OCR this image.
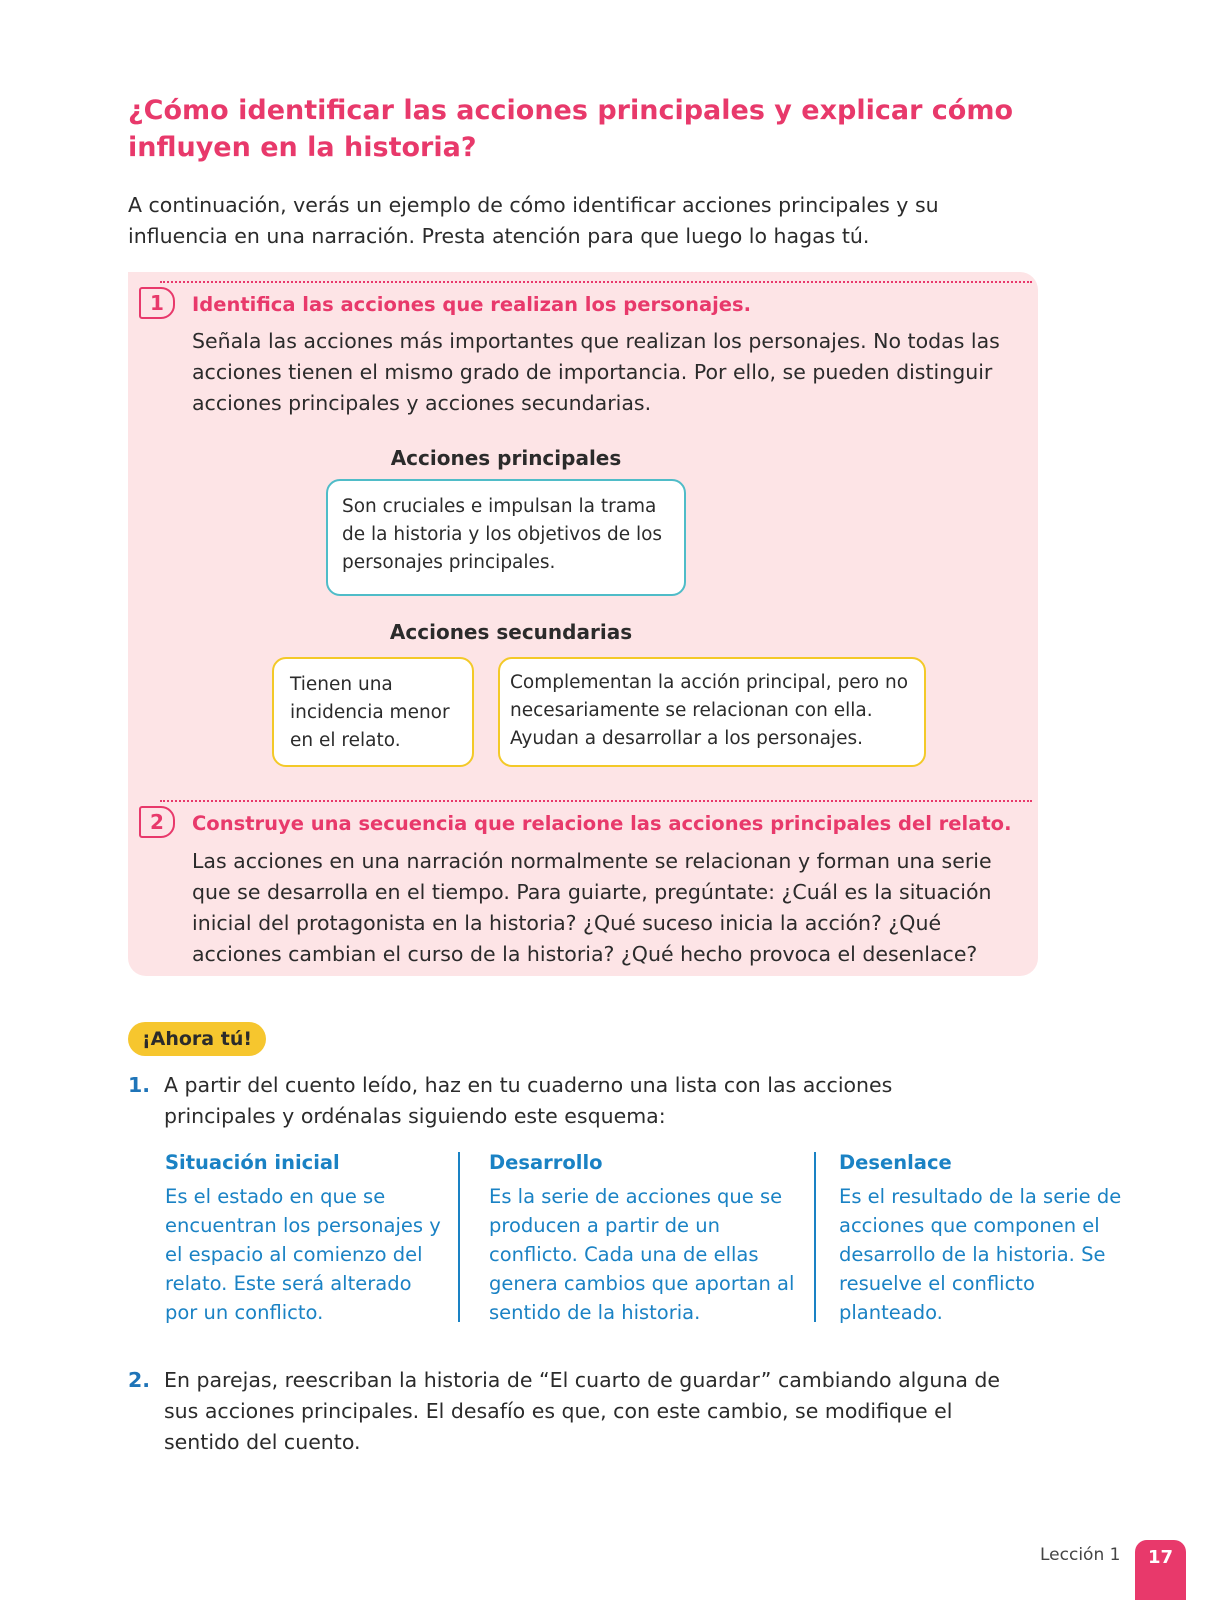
¿Cómo identificar las acciones principales y explicar cómo influyen en la historia?
A continuación, verás un ejemplo de cómo identificar acciones principales y su influencia en una narración. Presta atención para que luego lo hagas tú.
1	Identifica las acciones que realizan los personajes.
Señala las acciones más importantes que realizan los personajes. No todas las acciones tienen el mismo grado de importancia. Por ello, se pueden distinguir acciones principales y acciones secundarias.
Acciones principales
Son cruciales e impulsan la trama de la historia y los objetivos de los personajes principales.
Acciones secundarias
Tienen una incidencia menor en el relato.
Complementan la acción principal, pero no necesariamente se relacionan con ella. Ayudan a desarrollar a los personajes.
2	Construye una secuencia que relacione las acciones principales del relato.
Las acciones en una narración normalmente se relacionan y forman una serie que se desarrolla en el tiempo. Para guiarte, pregúntate: ¿Cuál es la situación inicial del protagonista en la historia? ¿Qué suceso inicia la acción? ¿Qué acciones cambian el curso de la historia? ¿Qué hecho provoca el desenlace?
¡Ahora tú!
1. A partir del cuento leído, haz en tu cuaderno una lista con las acciones principales y ordénalas siguiendo este esquema:
Situación inicial
Es el estado en que se encuentran los personajes y el espacio al comienzo del relato. Este será alterado por un conflicto.
Desarrollo
Es la serie de acciones que se producen a partir de un conflicto. Cada una de ellas genera cambios que aportan al sentido de la historia.
Desenlace
Es el resultado de la serie de acciones que componen el desarrollo de la historia. Se resuelve el conflicto planteado.
2. En parejas, reescriban la historia de “El cuarto de guardar” cambiando alguna de sus acciones principales. El desafío es que, con este cambio, se modifique el sentido del cuento.
Lección 1	17
